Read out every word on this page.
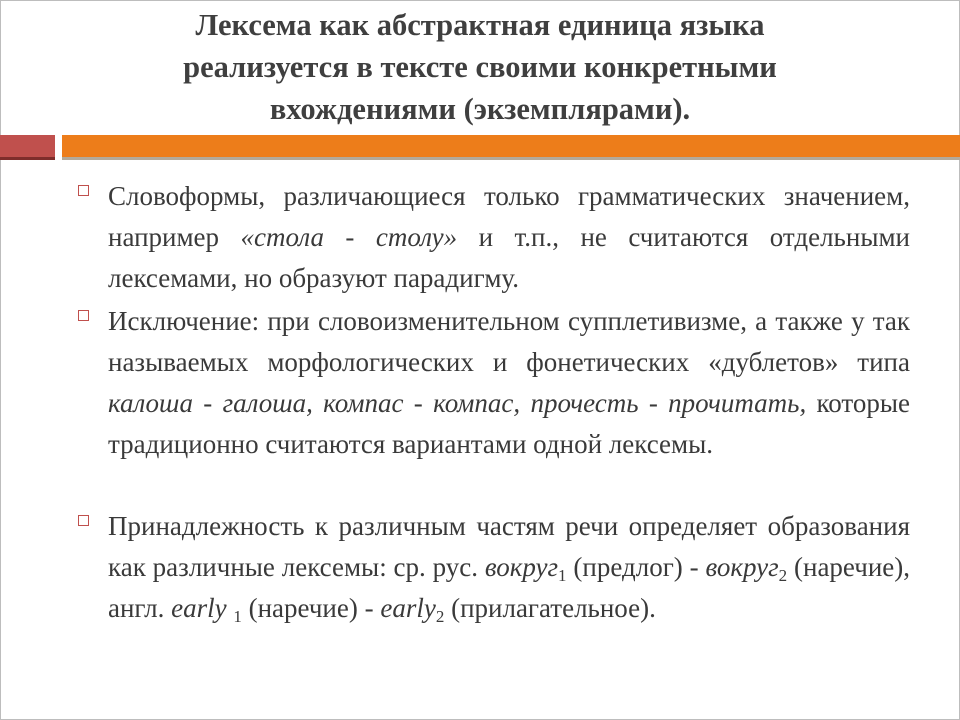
Лексема как абстрактная единица языка
реализуется в тексте своими конкретными
вхождениями (экземплярами).

Словоформы, различающиеся только грамматических значением, например «стола - столу» и т.п., не считаются отдельными лексемами, но образуют парадигму.

Исключение: при словоизменительном супплетивизме, а также у так называемых морфологических и фонетических «дублетов» типа калоша - галоша, компас - компас, прочесть - прочитать, которые традиционно считаются вариантами одной лексемы.

Принадлежность к различным частям речи определяет образования как различные лексемы: ср. рус. вокруг$_1$ (предлог) - вокруг$_2$ (наречие), англ. early $_1$ (наречие) - early$_2$ (прилагательное).
